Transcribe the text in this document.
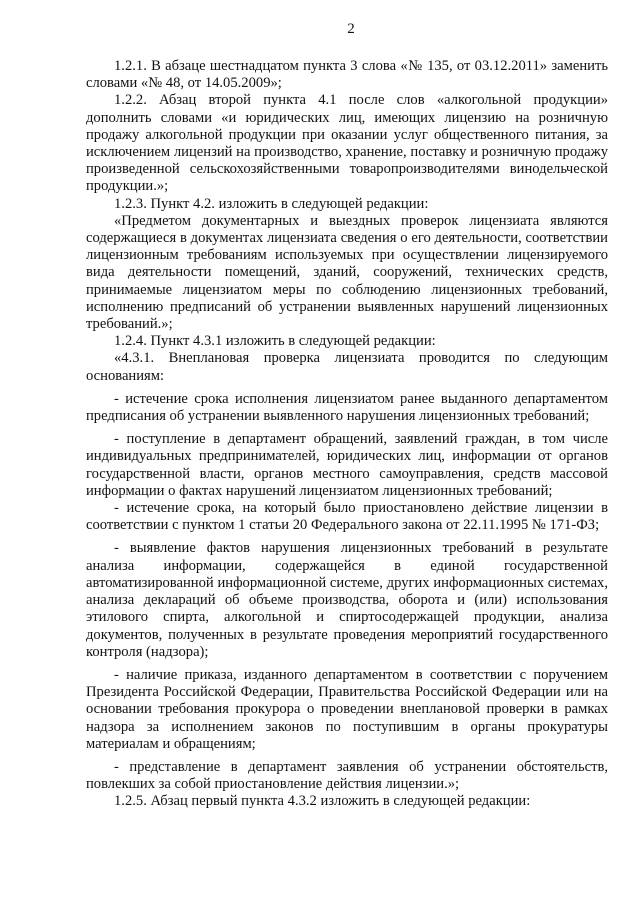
2

1.2.1. В абзаце шестнадцатом пункта 3 слова «№ 135, от 03.12.2011» заменить словами «№ 48, от 14.05.2009»;

1.2.2. Абзац второй пункта 4.1 после слов «алкогольной продукции» дополнить словами «и юридических лиц, имеющих лицензию на розничную продажу алкогольной продукции при оказании услуг общественного питания, за исключением лицензий на производство, хранение, поставку и розничную продажу произведенной сельскохозяйственными товаропроизводителями винодельческой продукции.»;

1.2.3. Пункт 4.2. изложить в следующей редакции:

«Предметом документарных и выездных проверок лицензиата являются содержащиеся в документах лицензиата сведения о его деятельности, соответствии лицензионным требованиям используемых при осуществлении лицензируемого вида деятельности помещений, зданий, сооружений, технических средств, принимаемые лицензиатом меры по соблюдению лицензионных требований, исполнению предписаний об устранении выявленных нарушений лицензионных требований.»;

1.2.4. Пункт 4.3.1 изложить в следующей редакции:

«4.3.1. Внеплановая проверка лицензиата проводится по следующим основаниям:

- истечение срока исполнения лицензиатом ранее выданного департаментом предписания об устранении выявленного нарушения лицензионных требований;

- поступление в департамент обращений, заявлений граждан, в том числе индивидуальных предпринимателей, юридических лиц, информации от органов государственной власти, органов местного самоуправления, средств массовой информации о фактах нарушений лицензиатом лицензионных требований;

- истечение срока, на который было приостановлено действие лицензии в соответствии с пунктом 1 статьи 20 Федерального закона от 22.11.1995 № 171-ФЗ;

- выявление фактов нарушения лицензионных требований в результате анализа информации, содержащейся в единой государственной автоматизированной информационной системе, других информационных системах, анализа деклараций об объеме производства, оборота и (или) использования этилового спирта, алкогольной и спиртосодержащей продукции, анализа документов, полученных в результате проведения мероприятий государственного контроля (надзора);

- наличие приказа, изданного департаментом в соответствии с поручением Президента Российской Федерации, Правительства Российской Федерации или на основании требования прокурора о проведении внеплановой проверки в рамках надзора за исполнением законов по поступившим в органы прокуратуры материалам и обращениям;

- представление в департамент заявления об устранении обстоятельств, повлекших за собой приостановление действия лицензии.»;

1.2.5. Абзац первый пункта 4.3.2 изложить в следующей редакции:
